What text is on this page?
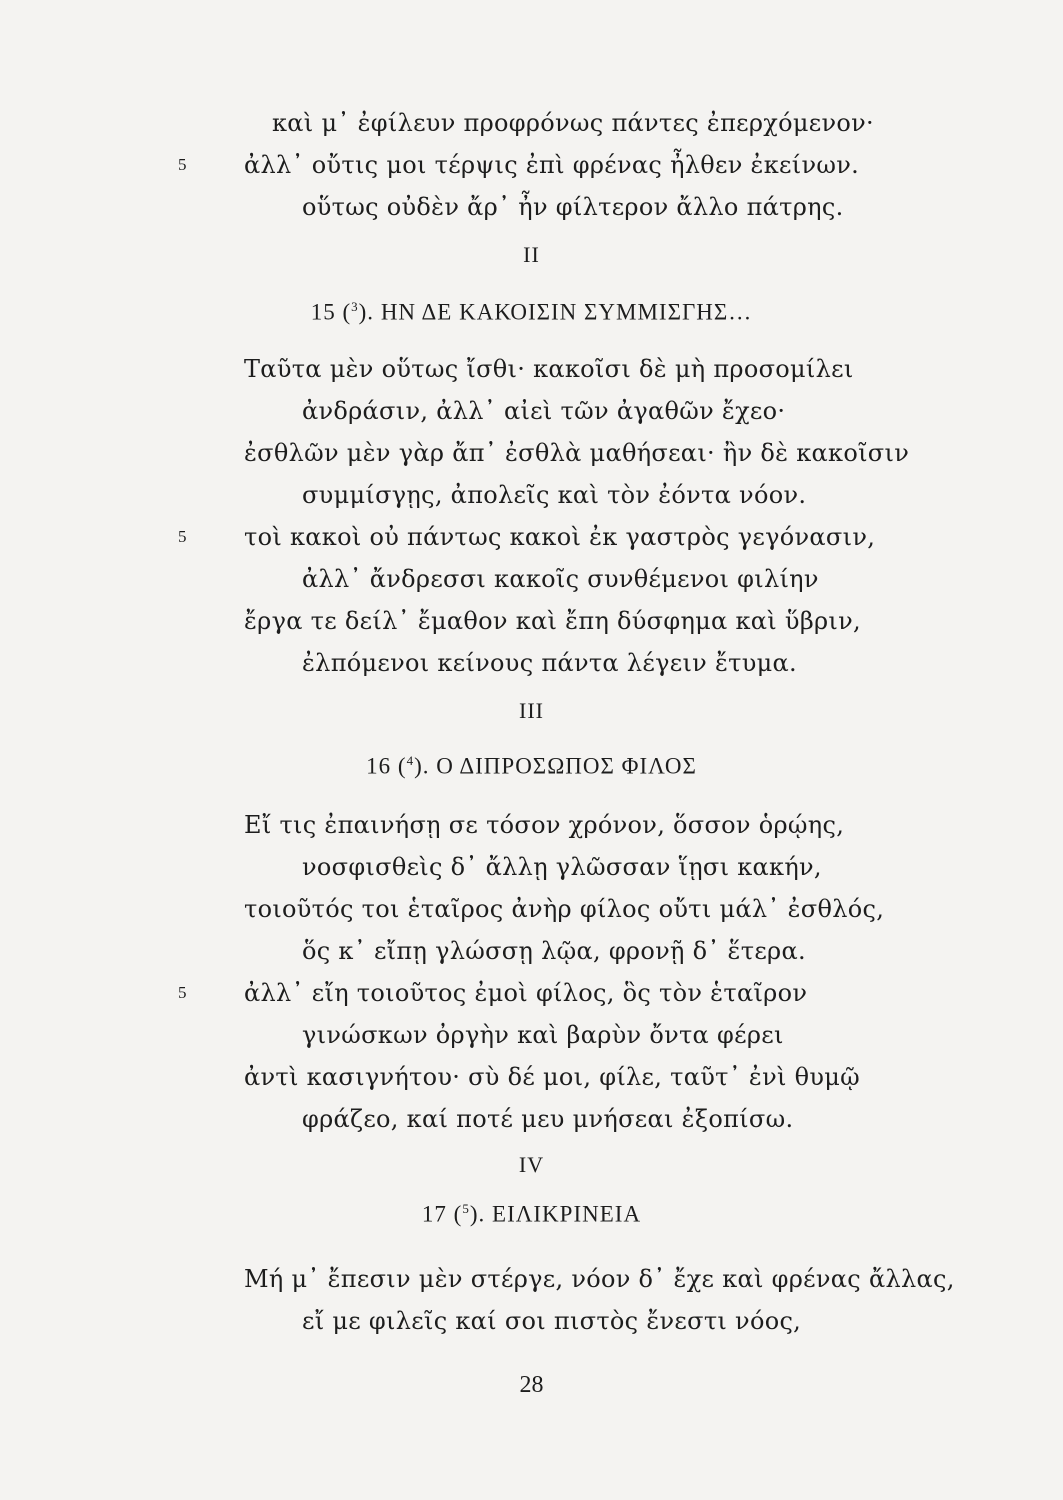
καὶ μ᾽ ἐφίλευν προφρόνως πάντες ἐπερχόμενον·
5 ἀλλ᾽ οὔτις μοι τέρψις ἐπὶ φρένας ἦλθεν ἐκείνων.
οὕτως οὐδὲν ἄρ᾽ ἦν φίλτερον ἄλλο πάτρης.
II
15 ($^3$). ΗΝ ΔΕ ΚΑΚΟΙΣΙΝ ΣΥΜΜΙΣΓΗΣ…
Ταῦτα μὲν οὕτως ἴσθι· κακοῖσι δὲ μὴ προσομίλει
ἀνδράσιν, ἀλλ᾽ αἰεὶ τῶν ἀγαθῶν ἔχεο·
ἐσθλῶν μὲν γὰρ ἄπ᾽ ἐσθλὰ μαθήσεαι· ἢν δὲ κακοῖσιν
συμμίσγῃς, ἀπολεῖς καὶ τὸν ἐόντα νόον.
5 τοὶ κακοὶ οὐ πάντως κακοὶ ἐκ γαστρὸς γεγόνασιν,
ἀλλ᾽ ἄνδρεσσι κακοῖς συνθέμενοι φιλίην
ἔργα τε δείλ᾽ ἔμαθον καὶ ἔπη δύσφημα καὶ ὕβριν,
ἐλπόμενοι κείνους πάντα λέγειν ἔτυμα.
III
16 ($^4$). Ο ΔΙΠΡΟΣΩΠΟΣ ΦΙΛΟΣ
Εἴ τις ἐπαινήσῃ σε τόσον χρόνον, ὅσσον ὁρῴης,
νοσφισθεὶς δ᾽ ἄλλῃ γλῶσσαν ἵῃσι κακήν,
τοιοῦτός τοι ἑταῖρος ἀνὴρ φίλος οὔτι μάλ᾽ ἐσθλός,
ὅς κ᾽ εἴπῃ γλώσσῃ λῷα, φρονῇ δ᾽ ἕτερα.
5 ἀλλ᾽ εἴη τοιοῦτος ἐμοὶ φίλος, ὃς τὸν ἑταῖρον
γινώσκων ὀργὴν καὶ βαρὺν ὄντα φέρει
ἀντὶ κασιγνήτου· σὺ δέ μοι, φίλε, ταῦτ᾽ ἐνὶ θυμῷ
φράζεο, καί ποτέ μευ μνήσεαι ἐξοπίσω.
IV
17 ($^5$). ΕΙΛΙΚΡΙΝΕΙΑ
Μή μ᾽ ἔπεσιν μὲν στέργε, νόον δ᾽ ἔχε καὶ φρένας ἄλλας,
εἴ με φιλεῖς καί σοι πιστὸς ἔνεστι νόος,
28
